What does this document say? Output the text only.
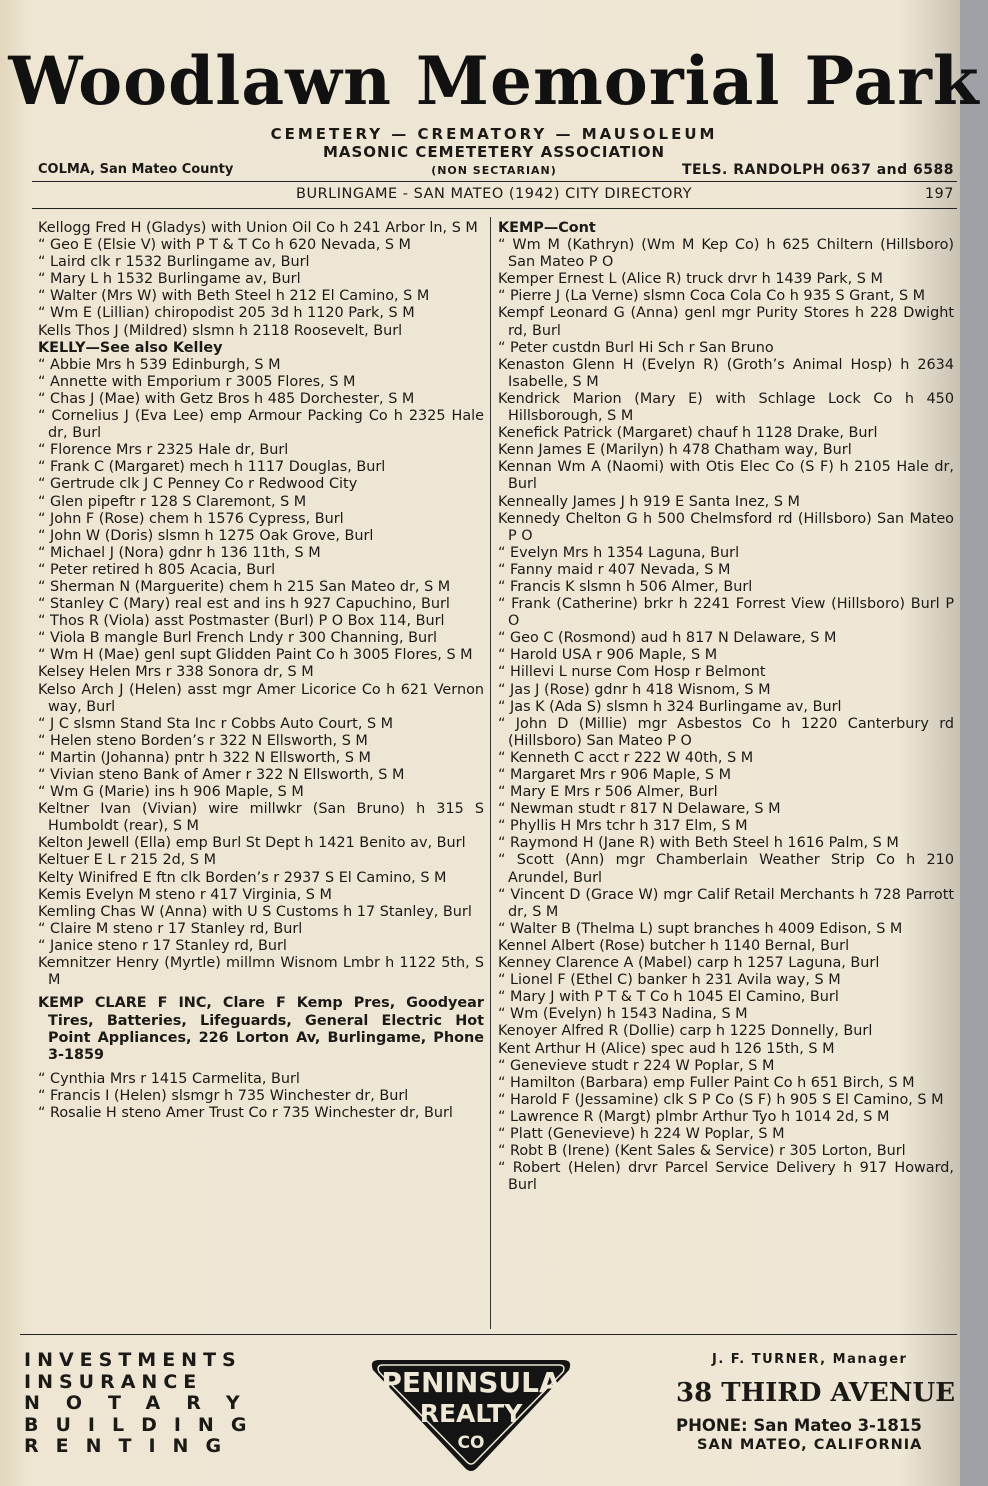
Woodlawn Memorial Park
CEMETERY — CREMATORY — MAUSOLEUM
MASONIC CEMETETERY ASSOCIATION
COLMA, San Mateo County	(NON SECTARIAN)	TELS. RANDOLPH 0637 and 6588
BURLINGAME - SAN MATEO (1942) CITY DIRECTORY	197
Kellogg Fred H (Gladys) with Union Oil Co h 241 Arbor ln, S M
“ Geo E (Elsie V) with P T & T Co h 620 Nevada, S M
“ Laird clk r 1532 Burlingame av, Burl
“ Mary L h 1532 Burlingame av, Burl
“ Walter (Mrs W) with Beth Steel h 212 El Camino, S M
“ Wm E (Lillian) chiropodist 205 3d h 1120 Park, S M
Kells Thos J (Mildred) slsmn h 2118 Roosevelt, Burl
KELLY—See also Kelley
“ Abbie Mrs h 539 Edinburgh, S M
“ Annette with Emporium r 3005 Flores, S M
“ Chas J (Mae) with Getz Bros h 485 Dorchester, S M
“ Cornelius J (Eva Lee) emp Armour Packing Co h 2325 Hale dr, Burl
“ Florence Mrs r 2325 Hale dr, Burl
“ Frank C (Margaret) mech h 1117 Douglas, Burl
“ Gertrude clk J C Penney Co r Redwood City
“ Glen pipeftr r 128 S Claremont, S M
“ John F (Rose) chem h 1576 Cypress, Burl
“ John W (Doris) slsmn h 1275 Oak Grove, Burl
“ Michael J (Nora) gdnr h 136 11th, S M
“ Peter retired h 805 Acacia, Burl
“ Sherman N (Marguerite) chem h 215 San Mateo dr, S M
“ Stanley C (Mary) real est and ins h 927 Capuchino, Burl
“ Thos R (Viola) asst Postmaster (Burl) P O Box 114, Burl
“ Viola B mangle Burl French Lndy r 300 Channing, Burl
“ Wm H (Mae) genl supt Glidden Paint Co h 3005 Flores, S M
Kelsey Helen Mrs r 338 Sonora dr, S M
Kelso Arch J (Helen) asst mgr Amer Licorice Co h 621 Vernon way, Burl
“ J C slsmn Stand Sta Inc r Cobbs Auto Court, S M
“ Helen steno Borden’s r 322 N Ellsworth, S M
“ Martin (Johanna) pntr h 322 N Ellsworth, S M
“ Vivian steno Bank of Amer r 322 N Ellsworth, S M
“ Wm G (Marie) ins h 906 Maple, S M
Keltner Ivan (Vivian) wire millwkr (San Bruno) h 315 S Humboldt (rear), S M
Kelton Jewell (Ella) emp Burl St Dept h 1421 Benito av, Burl
Keltuer E L r 215 2d, S M
Kelty Winifred E ftn clk Borden’s r 2937 S El Camino, S M
Kemis Evelyn M steno r 417 Virginia, S M
Kemling Chas W (Anna) with U S Customs h 17 Stanley, Burl
“ Claire M steno r 17 Stanley rd, Burl
“ Janice steno r 17 Stanley rd, Burl
Kemnitzer Henry (Myrtle) millmn Wisnom Lmbr h 1122 5th, S M
KEMP CLARE F INC, Clare F Kemp Pres, Goodyear Tires, Batteries, Lifeguards, General Electric Hot Point Appliances, 226 Lorton Av, Burlingame, Phone 3-1859
“ Cynthia Mrs r 1415 Carmelita, Burl
“ Francis I (Helen) slsmgr h 735 Winchester dr, Burl
“ Rosalie H steno Amer Trust Co r 735 Winchester dr, Burl
KEMP—Cont
“ Wm M (Kathryn) (Wm M Kep Co) h 625 Chiltern (Hillsboro) San Mateo P O
Kemper Ernest L (Alice R) truck drvr h 1439 Park, S M
“ Pierre J (La Verne) slsmn Coca Cola Co h 935 S Grant, S M
Kempf Leonard G (Anna) genl mgr Purity Stores h 228 Dwight rd, Burl
“ Peter custdn Burl Hi Sch r San Bruno
Kenaston Glenn H (Evelyn R) (Groth’s Animal Hosp) h 2634 Isabelle, S M
Kendrick Marion (Mary E) with Schlage Lock Co h 450 Hillsborough, S M
Kenefick Patrick (Margaret) chauf h 1128 Drake, Burl
Kenn James E (Marilyn) h 478 Chatham way, Burl
Kennan Wm A (Naomi) with Otis Elec Co (S F) h 2105 Hale dr, Burl
Kenneally James J h 919 E Santa Inez, S M
Kennedy Chelton G h 500 Chelmsford rd (Hillsboro) San Mateo P O
“ Evelyn Mrs h 1354 Laguna, Burl
“ Fanny maid r 407 Nevada, S M
“ Francis K slsmn h 506 Almer, Burl
“ Frank (Catherine) brkr h 2241 Forrest View (Hillsboro) Burl P O
“ Geo C (Rosmond) aud h 817 N Delaware, S M
“ Harold USA r 906 Maple, S M
“ Hillevi L nurse Com Hosp r Belmont
“ Jas J (Rose) gdnr h 418 Wisnom, S M
“ Jas K (Ada S) slsmn h 324 Burlingame av, Burl
“ John D (Millie) mgr Asbestos Co h 1220 Canterbury rd (Hillsboro) San Mateo P O
“ Kenneth C acct r 222 W 40th, S M
“ Margaret Mrs r 906 Maple, S M
“ Mary E Mrs r 506 Almer, Burl
“ Newman studt r 817 N Delaware, S M
“ Phyllis H Mrs tchr h 317 Elm, S M
“ Raymond H (Jane R) with Beth Steel h 1616 Palm, S M
“ Scott (Ann) mgr Chamberlain Weather Strip Co h 210 Arundel, Burl
“ Vincent D (Grace W) mgr Calif Retail Merchants h 728 Parrott dr, S M
“ Walter B (Thelma L) supt branches h 4009 Edison, S M
Kennel Albert (Rose) butcher h 1140 Bernal, Burl
Kenney Clarence A (Mabel) carp h 1257 Laguna, Burl
“ Lionel F (Ethel C) banker h 231 Avila way, S M
“ Mary J with P T & T Co h 1045 El Camino, Burl
“ Wm (Evelyn) h 1543 Nadina, S M
Kenoyer Alfred R (Dollie) carp h 1225 Donnelly, Burl
Kent Arthur H (Alice) spec aud h 126 15th, S M
“ Genevieve studt r 224 W Poplar, S M
“ Hamilton (Barbara) emp Fuller Paint Co h 651 Birch, S M
“ Harold F (Jessamine) clk S P Co (S F) h 905 S El Camino, S M
“ Lawrence R (Margt) plmbr Arthur Tyo h 1014 2d, S M
“ Platt (Genevieve) h 224 W Poplar, S M
“ Robt B (Irene) (Kent Sales & Service) r 305 Lorton, Burl
“ Robert (Helen) drvr Parcel Service Delivery h 917 Howard, Burl
INVESTMENTS
INSURANCE
NOTARY
BUILDING
RENTING
PENINSULA
REALTY
CO
J. F. TURNER, Manager
38 THIRD AVENUE
PHONE: San Mateo 3-1815
SAN MATEO, CALIFORNIA
